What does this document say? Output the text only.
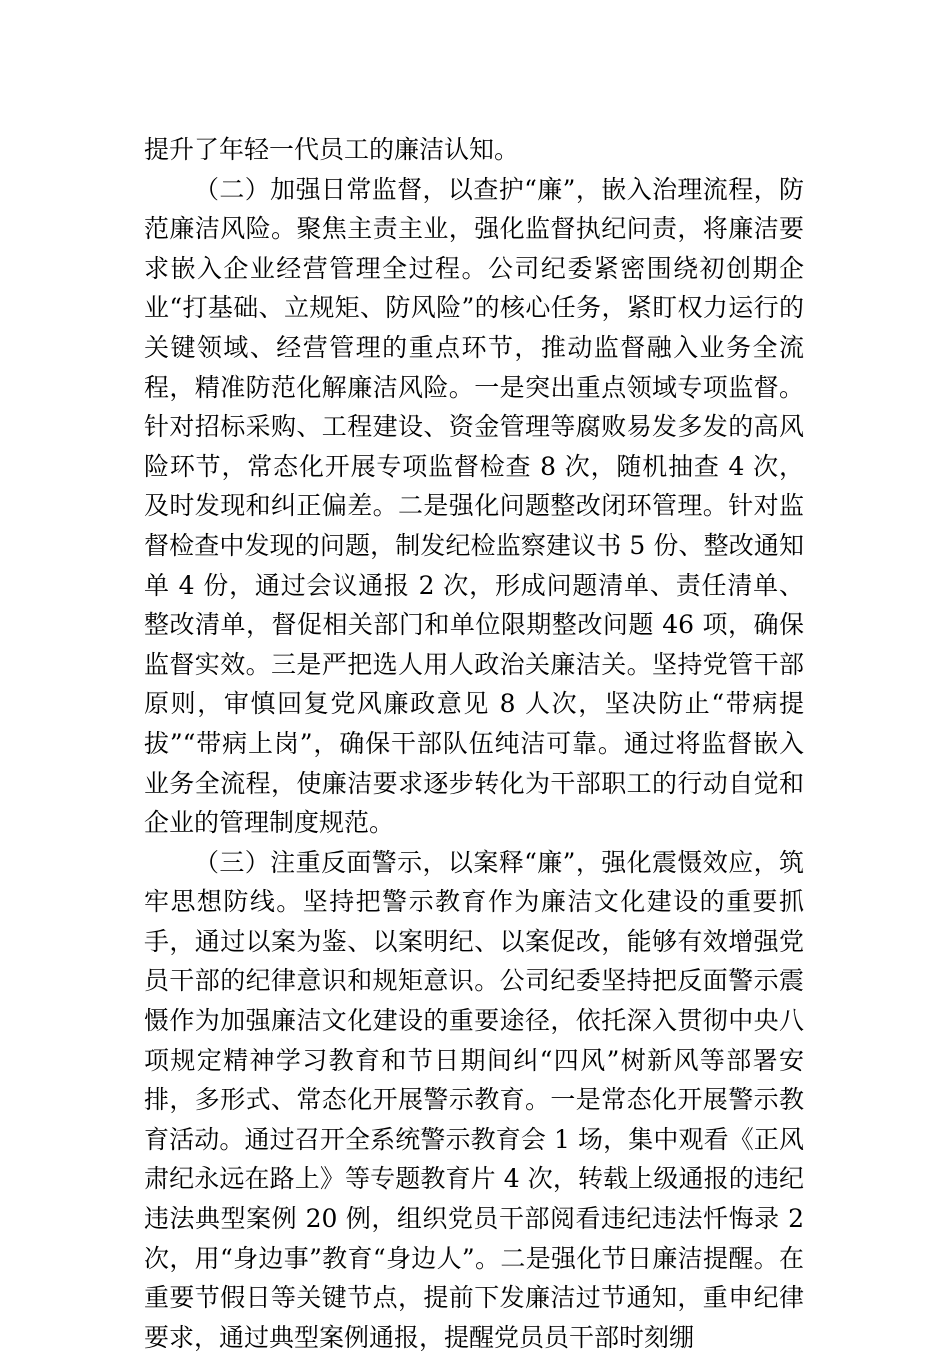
提升了年轻一代员工的廉洁认知。

（二）加强日常监督，以查护“廉”，嵌入治理流程，防范廉洁风险。聚焦主责主业，强化监督执纪问责，将廉洁要求嵌入企业经营管理全过程。公司纪委紧密围绕初创期企业“打基础、立规矩、防风险”的核心任务，紧盯权力运行的关键领域、经营管理的重点环节，推动监督融入业务全流程，精准防范化解廉洁风险。一是突出重点领域专项监督。针对招标采购、工程建设、资金管理等腐败易发多发的高风险环节，常态化开展专项监督检查 8 次，随机抽查 4 次，及时发现和纠正偏差。二是强化问题整改闭环管理。针对监督检查中发现的问题，制发纪检监察建议书 5 份、整改通知单 4 份，通过会议通报 2 次，形成问题清单、责任清单、整改清单，督促相关部门和单位限期整改问题 46 项，确保监督实效。三是严把选人用人政治关廉洁关。坚持党管干部原则，审慎回复党风廉政意见 8 人次，坚决防止“带病提拔”“带病上岗”，确保干部队伍纯洁可靠。通过将监督嵌入业务全流程，使廉洁要求逐步转化为干部职工的行动自觉和企业的管理制度规范。

（三）注重反面警示，以案释“廉”，强化震慑效应，筑牢思想防线。坚持把警示教育作为廉洁文化建设的重要抓手，通过以案为鉴、以案明纪、以案促改，能够有效增强党员干部的纪律意识和规矩意识。公司纪委坚持把反面警示震慑作为加强廉洁文化建设的重要途径，依托深入贯彻中央八项规定精神学习教育和节日期间纠“四风”树新风等部署安排，多形式、常态化开展警示教育。一是常态化开展警示教育活动。通过召开全系统警示教育会 1 场，集中观看《正风肃纪永远在路上》等专题教育片 4 次，转载上级通报的违纪违法典型案例 20 例，组织党员干部阅看违纪违法忏悔录 2 次，用“身边事”教育“身边人”。二是强化节日廉洁提醒。在重要节假日等关键节点，提前下发廉洁过节通知，重申纪律要求，通过典型案例通报，提醒党员员干部时刻绷
